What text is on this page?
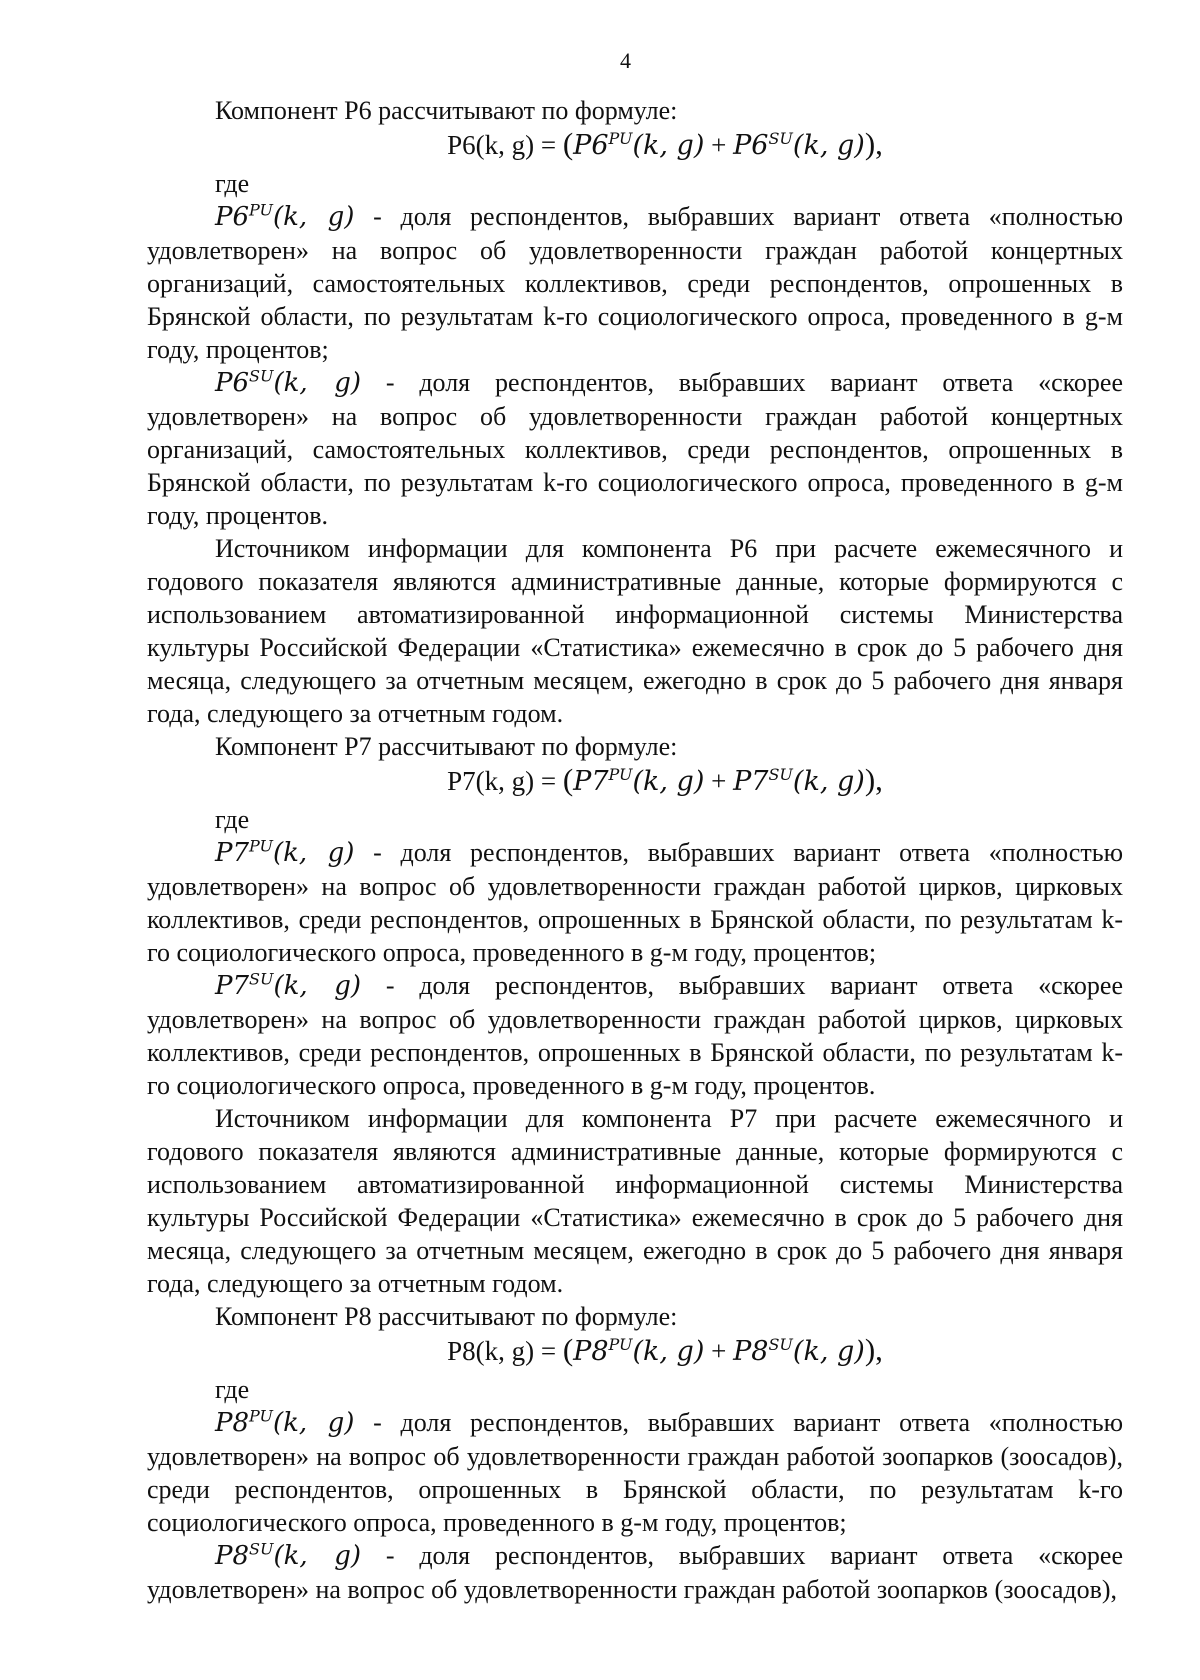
4

Компонент P6 рассчитывают по формуле:

P6(k, $g) = (P6^{PU}(k$, $g) + P6^{SU}(k$, g)),

где

$P6^{PU}(k$, g) - доля респондентов, выбравших вариант ответа «полностью удовлетворен» на вопрос об удовлетворенности граждан работой концертных организаций, самостоятельных коллективов, среди респондентов, опрошенных в Брянской области, по результатам k-го социологического опроса, проведенного в g-м году, процентов;

$P6^{SU}(k$, g) - доля респондентов, выбравших вариант ответа «скорее удовлетворен» на вопрос об удовлетворенности граждан работой концертных организаций, самостоятельных коллективов, среди респондентов, опрошенных в Брянской области, по результатам k-го социологического опроса, проведенного в g-м году, процентов.

Источником информации для компонента P6 при расчете ежемесячного и годового показателя являются административные данные, которые формируются с использованием автоматизированной информационной системы Министерства культуры Российской Федерации «Статистика» ежемесячно в срок до 5 рабочего дня месяца, следующего за отчетным месяцем, ежегодно в срок до 5 рабочего дня января года, следующего за отчетным годом.

Компонент P7 рассчитывают по формуле:

P7(k, $g) = (P7^{PU}(k$, $g) + P7^{SU}(k$, g)),

где

$P7^{PU}(k$, g) - доля респондентов, выбравших вариант ответа «полностью удовлетворен» на вопрос об удовлетворенности граждан работой цирков, цирковых коллективов, среди респондентов, опрошенных в Брянской области, по результатам k-го социологического опроса, проведенного в g-м году, процентов;

$P7^{SU}(k$, g) - доля респондентов, выбравших вариант ответа «скорее удовлетворен» на вопрос об удовлетворенности граждан работой цирков, цирковых коллективов, среди респондентов, опрошенных в Брянской области, по результатам k-го социологического опроса, проведенного в g-м году, процентов.

Источником информации для компонента P7 при расчете ежемесячного и годового показателя являются административные данные, которые формируются с использованием автоматизированной информационной системы Министерства культуры Российской Федерации «Статистика» ежемесячно в срок до 5 рабочего дня месяца, следующего за отчетным месяцем, ежегодно в срок до 5 рабочего дня января года, следующего за отчетным годом.

Компонент P8 рассчитывают по формуле:

P8(k, $g) = (P8^{PU}(k$, $g) + P8^{SU}(k$, g)),

где

$P8^{PU}(k$, g) - доля респондентов, выбравших вариант ответа «полностью удовлетворен» на вопрос об удовлетворенности граждан работой зоопарков (зоосадов), среди респондентов, опрошенных в Брянской области, по результатам k-го социологического опроса, проведенного в g-м году, процентов;

$P8^{SU}(k$, g) - доля респондентов, выбравших вариант ответа «скорее удовлетворен» на вопрос об удовлетворенности граждан работой зоопарков (зоосадов),
